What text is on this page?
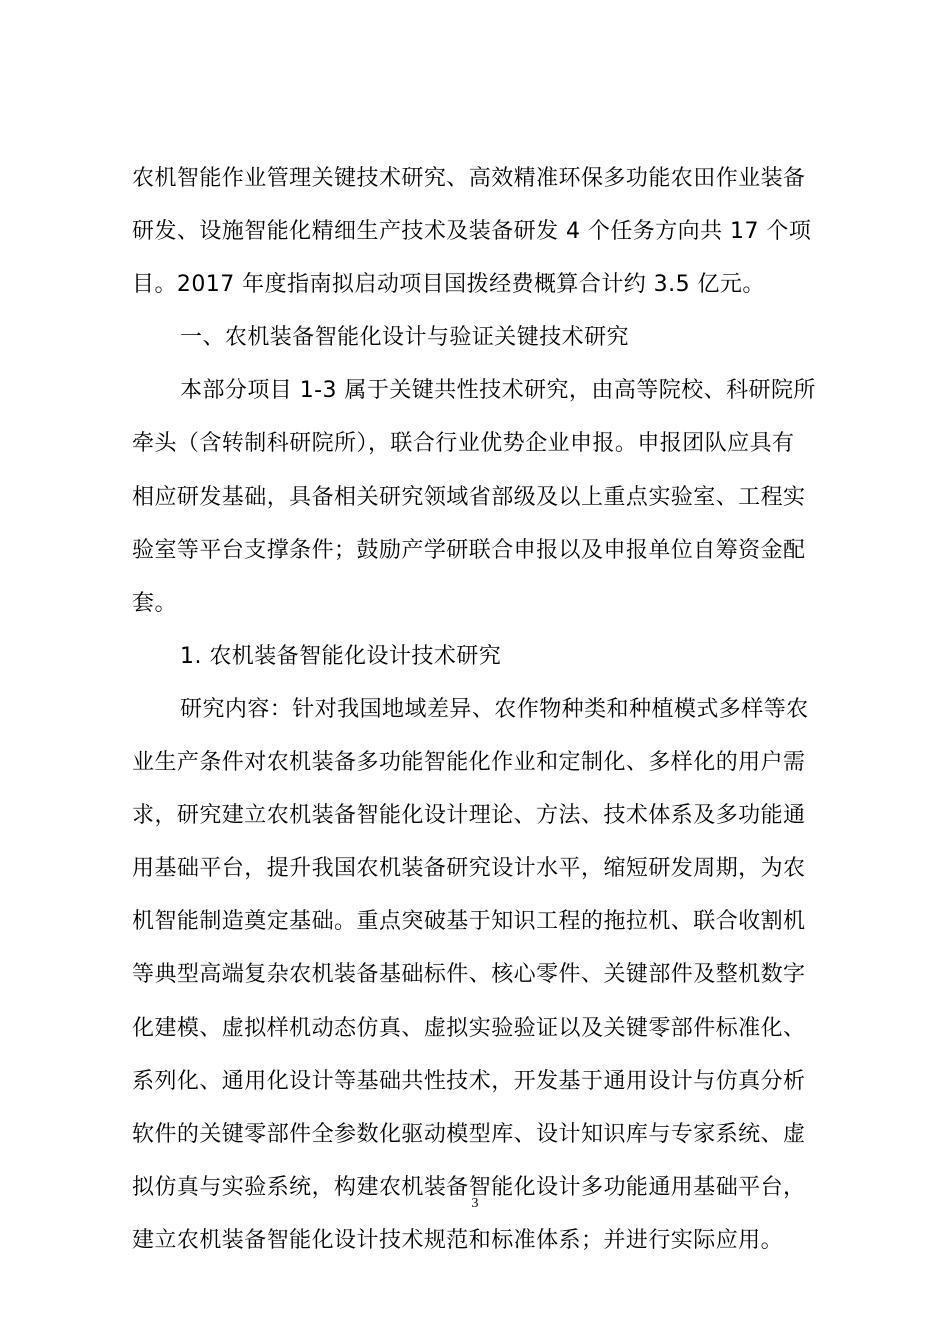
农机智能作业管理关键技术研究、高效精准环保多功能农田作业装备
研发、设施智能化精细生产技术及装备研发 4 个任务方向共 17 个项
目。2017 年度指南拟启动项目国拨经费概算合计约 3.5 亿元。
一、农机装备智能化设计与验证关键技术研究
本部分项目 1-3 属于关键共性技术研究，由高等院校、科研院所
牵头（含转制科研院所），联合行业优势企业申报。申报团队应具有
相应研发基础，具备相关研究领域省部级及以上重点实验室、工程实
验室等平台支撑条件；鼓励产学研联合申报以及申报单位自筹资金配
套。
1. 农机装备智能化设计技术研究
研究内容：针对我国地域差异、农作物种类和种植模式多样等农
业生产条件对农机装备多功能智能化作业和定制化、多样化的用户需
求，研究建立农机装备智能化设计理论、方法、技术体系及多功能通
用基础平台，提升我国农机装备研究设计水平，缩短研发周期，为农
机智能制造奠定基础。重点突破基于知识工程的拖拉机、联合收割机
等典型高端复杂农机装备基础标件、核心零件、关键部件及整机数字
化建模、虚拟样机动态仿真、虚拟实验验证以及关键零部件标准化、
系列化、通用化设计等基础共性技术，开发基于通用设计与仿真分析
软件的关键零部件全参数化驱动模型库、设计知识库与专家系统、虚
拟仿真与实验系统，构建农机装备智能化设计多功能通用基础平台，
建立农机装备智能化设计技术规范和标准体系；并进行实际应用。
3
